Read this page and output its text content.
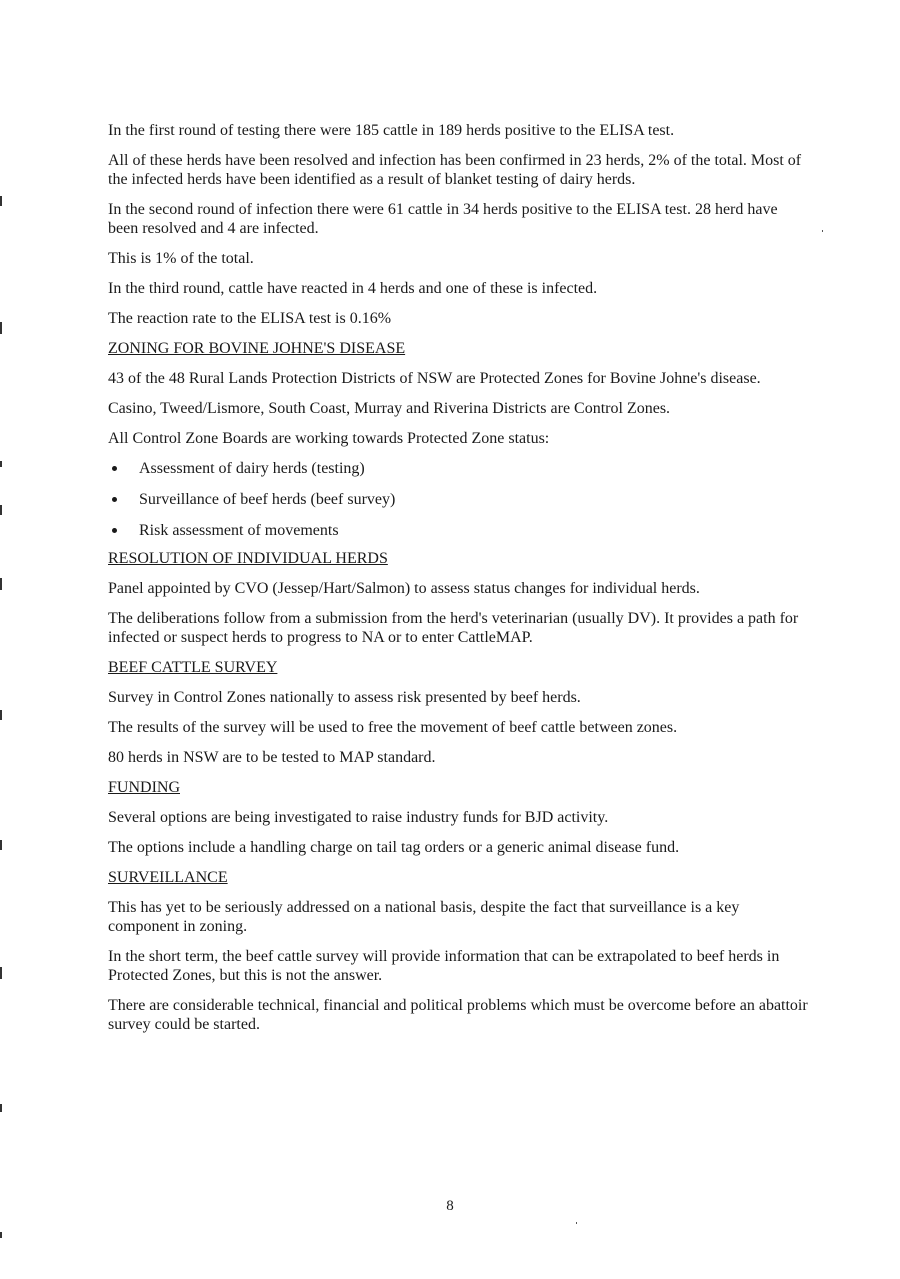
In the first round of testing there were 185 cattle in 189 herds positive to the ELISA test.

All of these herds have been resolved and infection has been confirmed in 23 herds, 2% of the total. Most of the infected herds have been identified as a result of blanket testing of dairy herds.

In the second round of infection there were 61 cattle in 34 herds positive to the ELISA test. 28 herd have been resolved and 4 are infected.

This is 1% of the total.

In the third round, cattle have reacted in 4 herds and one of these is infected.

The reaction rate to the ELISA test is 0.16%

ZONING FOR BOVINE JOHNE'S DISEASE

43 of the 48 Rural Lands Protection Districts of NSW are Protected Zones for Bovine Johne's disease.

Casino, Tweed/Lismore, South Coast, Murray and Riverina Districts are Control Zones.

All Control Zone Boards are working towards Protected Zone status:

Assessment of dairy herds (testing)
Surveillance of beef herds (beef survey)
Risk assessment of movements

RESOLUTION OF INDIVIDUAL HERDS

Panel appointed by CVO (Jessep/Hart/Salmon) to assess status changes for individual herds.

The deliberations follow from a submission from the herd's veterinarian (usually DV). It provides a path for infected or suspect herds to progress to NA or to enter CattleMAP.

BEEF CATTLE SURVEY

Survey in Control Zones nationally to assess risk presented by beef herds.

The results of the survey will be used to free the movement of beef cattle between zones.

80 herds in NSW are to be tested to MAP standard.

FUNDING

Several options are being investigated to raise industry funds for BJD activity.

The options include a handling charge on tail tag orders or a generic animal disease fund.

SURVEILLANCE

This has yet to be seriously addressed on a national basis, despite the fact that surveillance is a key component in zoning.

In the short term, the beef cattle survey will provide information that can be extrapolated to beef herds in Protected Zones, but this is not the answer.

There are considerable technical, financial and political problems which must be overcome before an abattoir survey could be started.

8
